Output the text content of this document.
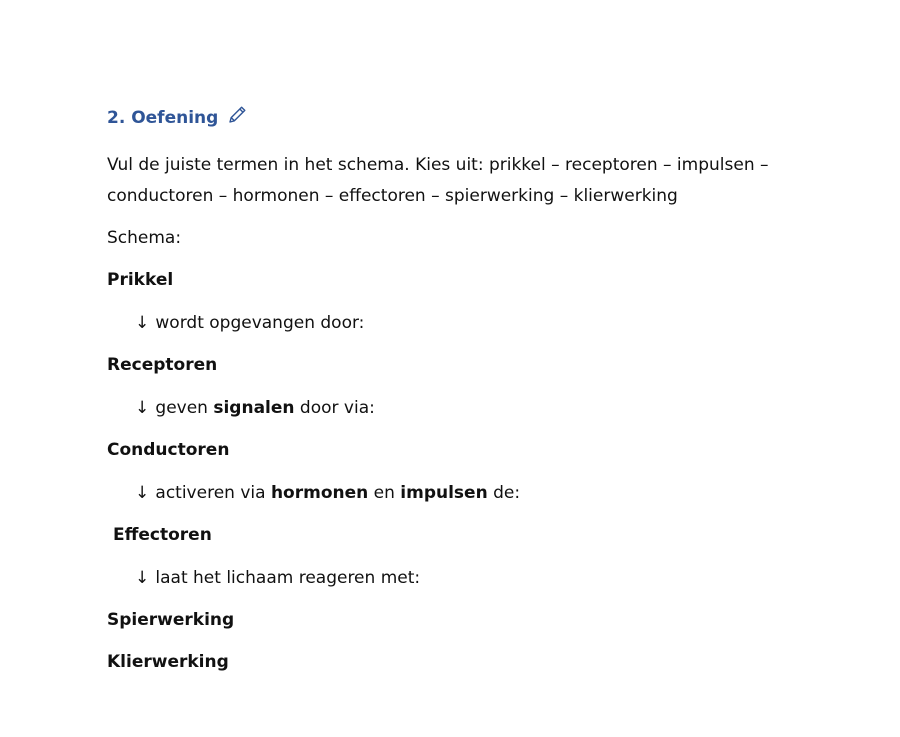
2. Oefening
Vul de juiste termen in het schema. Kies uit: prikkel – receptoren – impulsen –
conductoren – hormonen – effectoren – spierwerking – klierwerking
Schema:
Prikkel
↓ wordt opgevangen door:
Receptoren
↓ geven signalen door via:
Conductoren
↓ activeren via hormonen en impulsen de:
Effectoren
↓ laat het lichaam reageren met:
Spierwerking
Klierwerking
